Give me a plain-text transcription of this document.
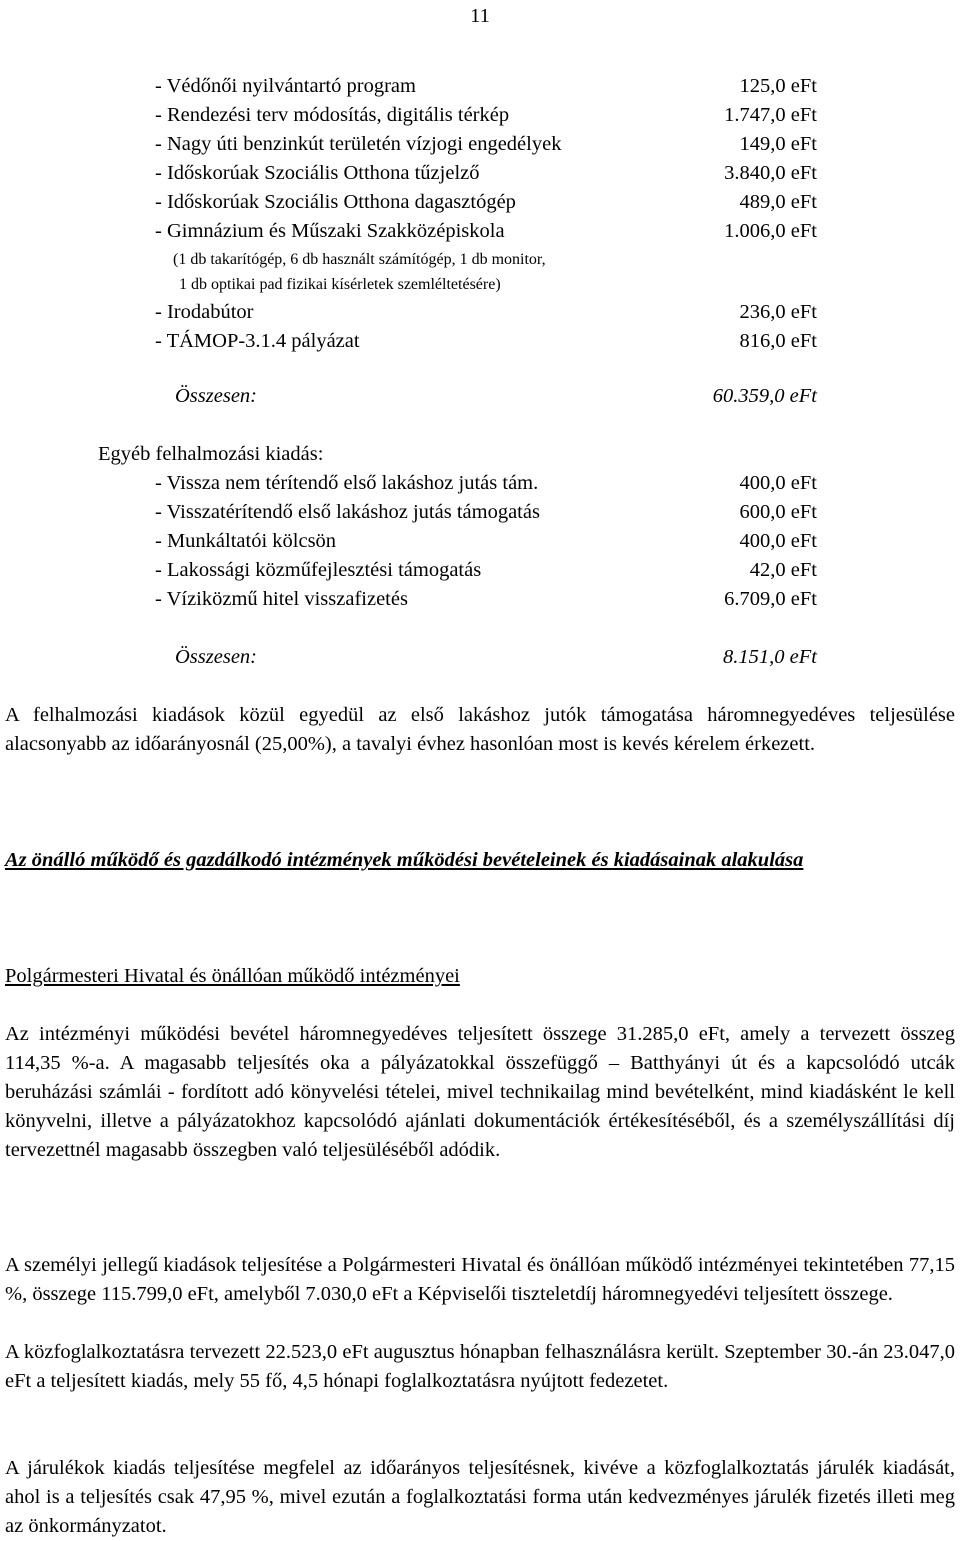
11
- Védőnői nyilvántartó program	125,0 eFt
- Rendezési terv módosítás, digitális térkép	1.747,0 eFt
- Nagy úti benzinkút területén vízjogi engedélyek	149,0 eFt
- Időskorúak Szociális Otthona tűzjelző	3.840,0 eFt
- Időskorúak Szociális Otthona dagasztógép	489,0 eFt
- Gimnázium és Műszaki Szakközépiskola	1.006,0 eFt
(1 db takarítógép, 6 db használt számítógép, 1 db monitor,
1 db optikai pad fizikai kísérletek szemléltetésére)
- Irodabútor	236,0 eFt
- TÁMOP-3.1.4 pályázat	816,0 eFt
Összesen:	60.359,0 eFt
Egyéb felhalmozási kiadás:
- Vissza nem térítendő első lakáshoz jutás tám.	400,0 eFt
- Visszatérítendő első lakáshoz jutás támogatás	600,0 eFt
- Munkáltatói kölcsön	400,0 eFt
- Lakossági közműfejlesztési támogatás	42,0 eFt
- Víziközmű hitel visszafizetés	6.709,0 eFt
Összesen:	8.151,0 eFt

A felhalmozási kiadások közül egyedül az első lakáshoz jutók támogatása háromnegyedéves teljesülése alacsonyabb az időarányosnál (25,00%), a tavalyi évhez hasonlóan most is kevés kérelem érkezett.

Az önálló működő és gazdálkodó intézmények működési bevételeinek és kiadásainak alakulása

Polgármesteri Hivatal és önállóan működő intézményei

Az intézményi működési bevétel háromnegyedéves teljesített összege 31.285,0 eFt, amely a tervezett összeg 114,35 %-a. A magasabb teljesítés oka a pályázatokkal összefüggő – Batthyányi út és a kapcsolódó utcák beruházási számlái - fordított adó könyvelési tételei, mivel technikailag mind bevételként, mind kiadásként le kell könyvelni, illetve a pályázatokhoz kapcsolódó ajánlati dokumentációk értékesítéséből, és a személyszállítási díj tervezettnél magasabb összegben való teljesüléséből adódik.

A személyi jellegű kiadások teljesítése a Polgármesteri Hivatal és önállóan működő intézményei tekintetében 77,15 %, összege 115.799,0 eFt, amelyből 7.030,0 eFt a Képviselői tiszteletdíj háromnegyedévi teljesített összege.

A közfoglalkoztatásra tervezett 22.523,0 eFt augusztus hónapban felhasználásra került. Szeptember 30.-án 23.047,0 eFt a teljesített kiadás, mely 55 fő, 4,5 hónapi foglalkoztatásra nyújtott fedezetet.

A járulékok kiadás teljesítése megfelel az időarányos teljesítésnek, kivéve a közfoglalkoztatás járulék kiadását, ahol is a teljesítés csak 47,95 %, mivel ezután a foglalkoztatási forma után kedvezményes járulék fizetés illeti meg az önkormányzatot.
